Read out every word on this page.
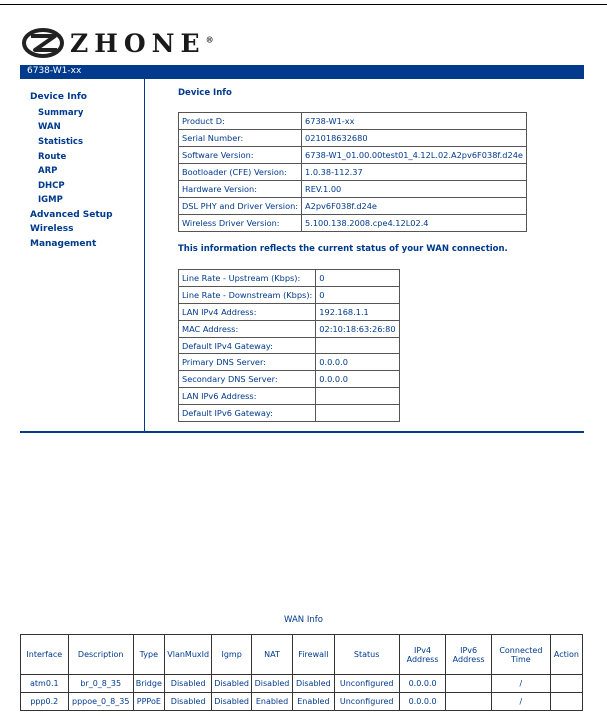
ZHONE®
6738-W1-xx
Device Info
Summary
WAN
Statistics
Route
ARP
DHCP
IGMP
Advanced Setup
Wireless
Management
Device Info
Product D:	6738-W1-xx
Serial Number:	021018632680
Software Version:	6738-W1_01.00.00test01_4.12L.02.A2pv6F038f.d24e
Bootloader (CFE) Version:	1.0.38-112.37
Hardware Version:	REV.1.00
DSL PHY and Driver Version:	A2pv6F038f.d24e
Wireless Driver Version:	5.100.138.2008.cpe4.12L02.4
This information reflects the current status of your WAN connection.
Line Rate - Upstream (Kbps):	0
Line Rate - Downstream (Kbps):	0
LAN IPv4 Address:	192.168.1.1
MAC Address:	02:10:18:63:26:80
Default IPv4 Gateway:	
Primary DNS Server:	0.0.0.0
Secondary DNS Server:	0.0.0.0
LAN IPv6 Address:	
Default IPv6 Gateway:	
WAN Info
Interface	Description	Type	VlanMuxId	Igmp	NAT	Firewall	Status	IPv4 Address	IPv6 Address	Connected Time	Action
atm0.1	br_0_8_35	Bridge	Disabled	Disabled	Disabled	Disabled	Unconfigured	0.0.0.0		/	
ppp0.2	pppoe_0_8_35	PPPoE	Disabled	Disabled	Enabled	Enabled	Unconfigured	0.0.0.0		/	
